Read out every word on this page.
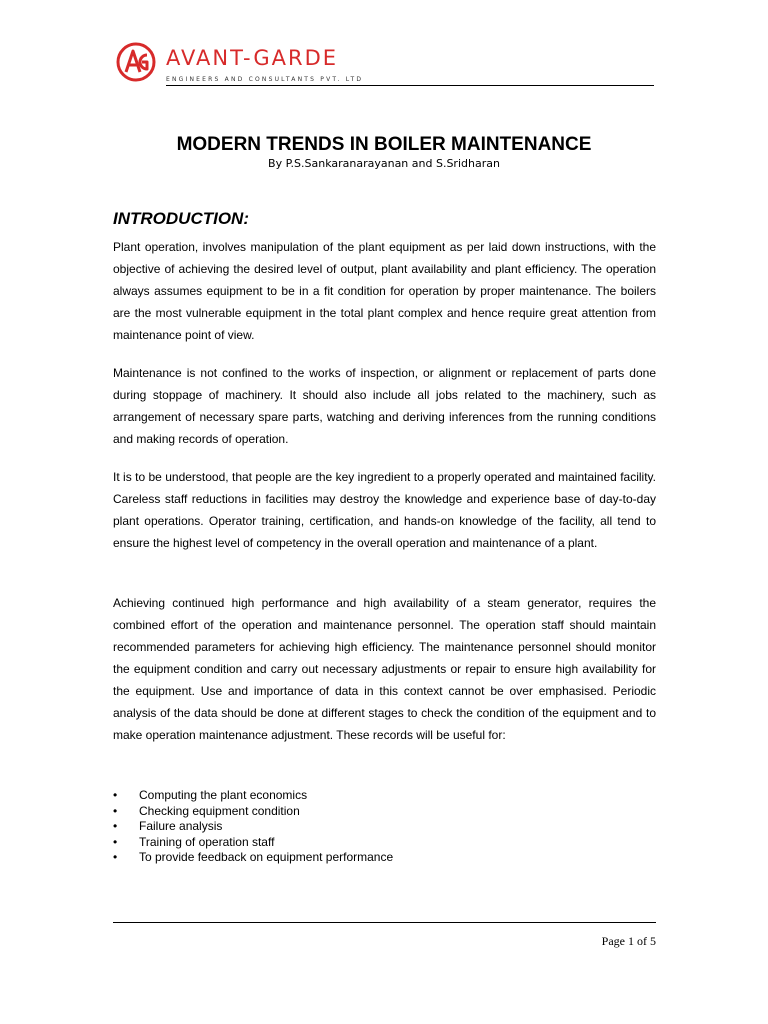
AVANT-GARDE
ENGINEERS AND CONSULTANTS PVT. LTD
MODERN TRENDS IN BOILER MAINTENANCE
By P.S.Sankaranarayanan and S.Sridharan
INTRODUCTION:

Plant operation, involves manipulation of the plant equipment as per laid down instructions, with the objective of achieving the desired level of output, plant availability and plant efficiency. The operation always assumes equipment to be in a fit condition for operation by proper maintenance. The boilers are the most vulnerable equipment in the total plant complex and hence require great attention from maintenance point of view.

Maintenance is not confined to the works of inspection, or alignment or replacement of parts done during stoppage of machinery. It should also include all jobs related to the machinery, such as arrangement of necessary spare parts, watching and deriving inferences from the running conditions and making records of operation.

It is to be understood, that people are the key ingredient to a properly operated and maintained facility. Careless staff reductions in facilities may destroy the knowledge and experience base of day-to-day plant operations. Operator training, certification, and hands-on knowledge of the facility, all tend to ensure the highest level of competency in the overall operation and maintenance of a plant.

Achieving continued high performance and high availability of a steam generator, requires the combined effort of the operation and maintenance personnel. The operation staff should maintain recommended parameters for achieving high efficiency. The maintenance personnel should monitor the equipment condition and carry out necessary adjustments or repair to ensure high availability for the equipment. Use and importance of data in this context cannot be over emphasised. Periodic analysis of the data should be done at different stages to check the condition of the equipment and to make operation maintenance adjustment. These records will be useful for:

• Computing the plant economics
• Checking equipment condition
• Failure analysis
• Training of operation staff
• To provide feedback on equipment performance
Page 1 of 5
